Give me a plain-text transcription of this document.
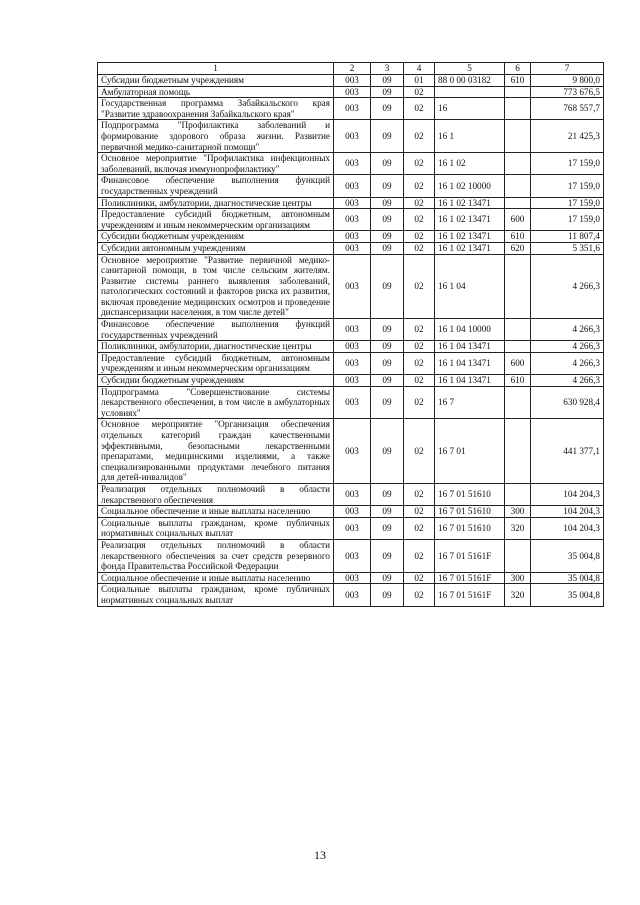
1	2	3	4	5	6	7
Субсидии бюджетным учреждениям	003	09	01	88 0 00 03182	610	9 800,0
Амбулаторная помощь	003	09	02			773 676,5
Государственная программа Забайкальского края "Развитие здравоохранения Забайкальского края"	003	09	02	16		768 557,7
Подпрограмма "Профилактика заболеваний и формирование здорового образа жизни. Развитие первичной медико-санитарной помощи"	003	09	02	16 1		21 425,3
Основное мероприятие "Профилактика инфекционных заболеваний, включая иммунопрофилактику"	003	09	02	16 1 02		17 159,0
Финансовое обеспечение выполнения функций государственных учреждений	003	09	02	16 1 02 10000		17 159,0
Поликлиники, амбулатории, диагностические центры	003	09	02	16 1 02 13471		17 159,0
Предоставление субсидий бюджетным, автономным учреждениям и иным некоммерческим организациям	003	09	02	16 1 02 13471	600	17 159,0
Субсидии бюджетным учреждениям	003	09	02	16 1 02 13471	610	11 807,4
Субсидии автономным учреждениям	003	09	02	16 1 02 13471	620	5 351,6
Основное мероприятие "Развитие первичной медико-санитарной помощи, в том числе сельским жителям. Развитие системы раннего выявления заболеваний, патологических состояний и факторов риска их развития, включая проведение медицинских осмотров и проведение диспансеризации населения, в том числе детей"	003	09	02	16 1 04		4 266,3
Финансовое обеспечение выполнения функций государственных учреждений	003	09	02	16 1 04 10000		4 266,3
Поликлиники, амбулатории, диагностические центры	003	09	02	16 1 04 13471		4 266,3
Предоставление субсидий бюджетным, автономным учреждениям и иным некоммерческим организациям	003	09	02	16 1 04 13471	600	4 266,3
Субсидии бюджетным учреждениям	003	09	02	16 1 04 13471	610	4 266,3
Подпрограмма "Совершенствование системы лекарственного обеспечения, в том числе в амбулаторных условиях"	003	09	02	16 7		630 928,4
Основное мероприятие "Организация обеспечения отдельных категорий граждан качественными эффективными, безопасными лекарственными препаратами, медицинскими изделиями, а также специализированными продуктами лечебного питания для детей-инвалидов"	003	09	02	16 7 01		441 377,1
Реализация отдельных полномочий в области лекарственного обеспечения	003	09	02	16 7 01 51610		104 204,3
Социальное обеспечение и иные выплаты населению	003	09	02	16 7 01 51610	300	104 204,3
Социальные выплаты гражданам, кроме публичных нормативных социальных выплат	003	09	02	16 7 01 51610	320	104 204,3
Реализация отдельных полномочий в области лекарственного обеспечения за счет средств резервного фонда Правительства Российской Федерации	003	09	02	16 7 01 5161F		35 004,8
Социальное обеспечение и иные выплаты населению	003	09	02	16 7 01 5161F	300	35 004,8
Социальные выплаты гражданам, кроме публичных нормативных социальных выплат	003	09	02	16 7 01 5161F	320	35 004,8
13
